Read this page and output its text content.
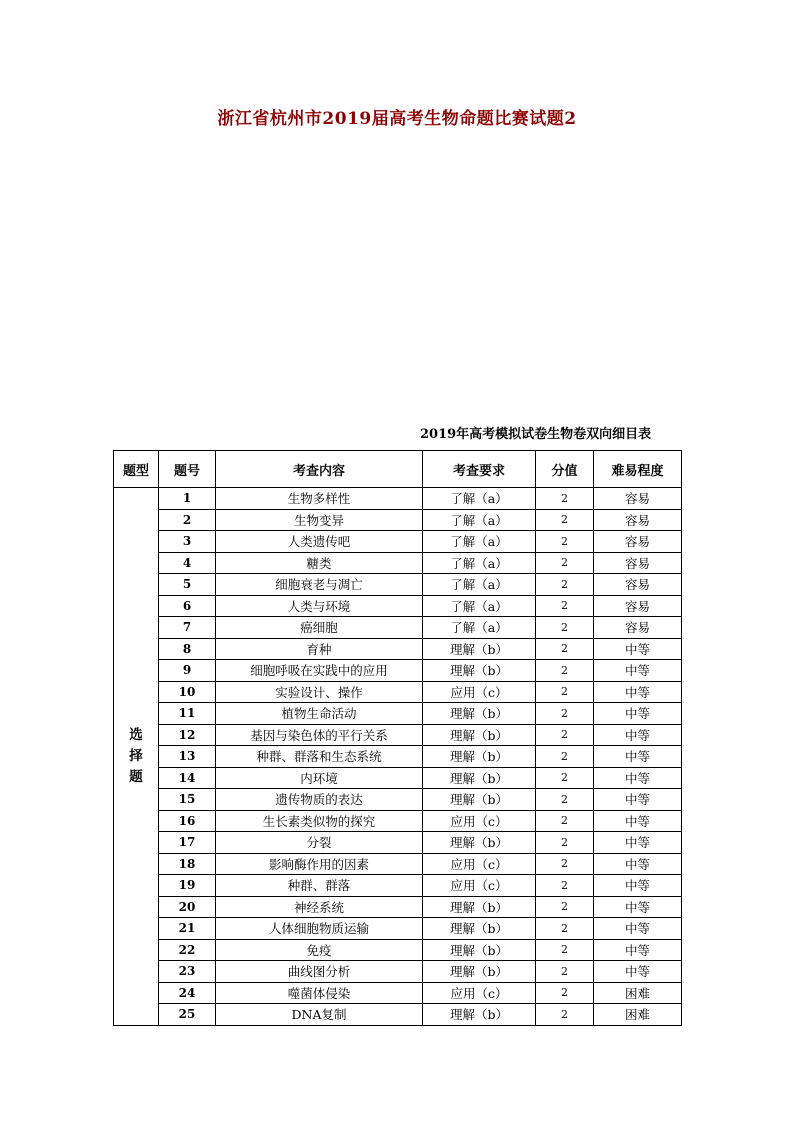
浙江省杭州市2019届高考生物命题比赛试题2
2019年高考模拟试卷生物卷双向细目表
题型	题号	考查内容	考查要求	分值	难易程度

选
择
题	1	生物多样性	了解（a）	2	容易
	2	生物变异	了解（a）	2	容易
	3	人类遗传吧	了解（a）	2	容易
	4	糖类	了解（a）	2	容易
	5	细胞衰老与凋亡	了解（a）	2	容易
	6	人类与环境	了解（a）	2	容易
	7	癌细胞	了解（a）	2	容易
	8	育种	理解（b）	2	中等
	9	细胞呼吸在实践中的应用	理解（b）	2	中等
	10	实验设计、操作	应用（c）	2	中等
	11	植物生命活动	理解（b）	2	中等
	12	基因与染色体的平行关系	理解（b）	2	中等
	13	种群、群落和生态系统	理解（b）	2	中等
	14	内环境	理解（b）	2	中等
	15	遗传物质的表达	理解（b）	2	中等
	16	生长素类似物的探究	应用（c）	2	中等
	17	分裂	理解（b）	2	中等
	18	影响酶作用的因素	应用（c）	2	中等
	19	种群、群落	应用（c）	2	中等
	20	神经系统	理解（b）	2	中等
	21	人体细胞物质运输	理解（b）	2	中等
	22	免疫	理解（b）	2	中等
	23	曲线图分析	理解（b）	2	中等
	24	噬菌体侵染	应用（c）	2	困难
	25	DNA复制	理解（b）	2	困难
